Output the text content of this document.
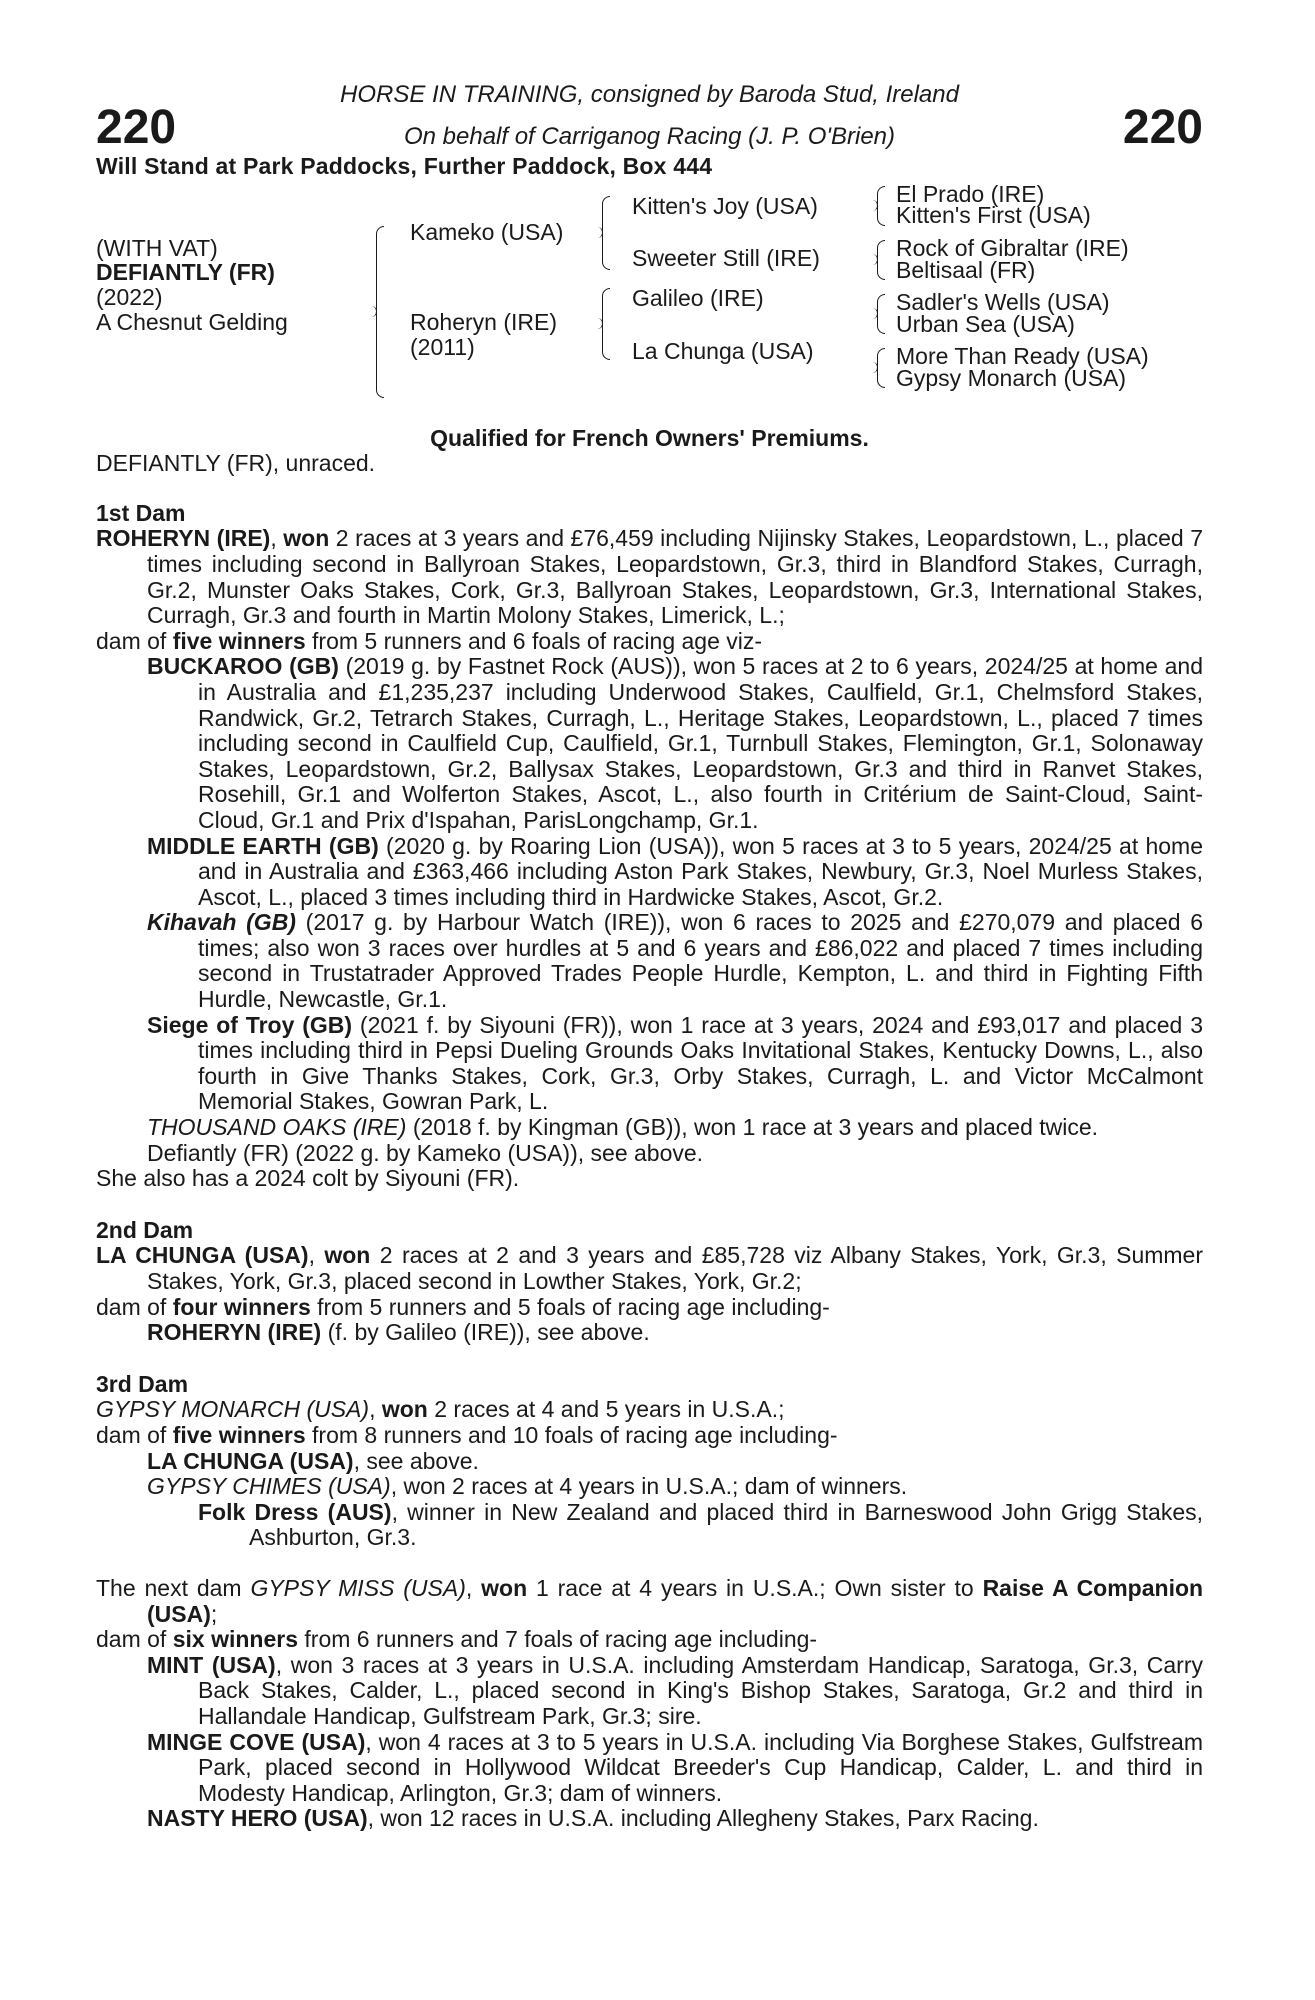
220
HORSE IN TRAINING, consigned by Baroda Stud, Ireland
On behalf of Carriganog Racing (J. P. O'Brien)	220
Will Stand at Park Paddocks, Further Paddock, Box 444
(WITH VAT)
DEFIANTLY (FR)
(2022)
A Chesnut Gelding
Kameko (USA)
Roheryn (IRE)
(2011)
Kitten's Joy (USA)
Sweeter Still (IRE)
Galileo (IRE)
La Chunga (USA)
El Prado (IRE)
Kitten's First (USA)
Rock of Gibraltar (IRE)
Beltisaal (FR)
Sadler's Wells (USA)
Urban Sea (USA)
More Than Ready (USA)
Gypsy Monarch (USA)
Qualified for French Owners' Premiums.

DEFIANTLY (FR), unraced.

1st Dam

ROHERYN (IRE), won 2 races at 3 years and £76,459 including Nijinsky Stakes, Leopardstown, L., placed 7 times including second in Ballyroan Stakes, Leopardstown, Gr.3, third in Blandford Stakes, Curragh, Gr.2, Munster Oaks Stakes, Cork, Gr.3, Ballyroan Stakes, Leopardstown, Gr.3, International Stakes, Curragh, Gr.3 and fourth in Martin Molony Stakes, Limerick, L.;

dam of five winners from 5 runners and 6 foals of racing age viz-

BUCKAROO (GB) (2019 g. by Fastnet Rock (AUS)), won 5 races at 2 to 6 years, 2024/25 at home and in Australia and £1,235,237 including Underwood Stakes, Caulfield, Gr.1, Chelmsford Stakes, Randwick, Gr.2, Tetrarch Stakes, Curragh, L., Heritage Stakes, Leopardstown, L., placed 7 times including second in Caulfield Cup, Caulfield, Gr.1, Turnbull Stakes, Flemington, Gr.1, Solonaway Stakes, Leopardstown, Gr.2, Ballysax Stakes, Leopardstown, Gr.3 and third in Ranvet Stakes, Rosehill, Gr.1 and Wolferton Stakes, Ascot, L., also fourth in Critérium de Saint-Cloud, Saint-Cloud, Gr.1 and Prix d'Ispahan, ParisLongchamp, Gr.1.

MIDDLE EARTH (GB) (2020 g. by Roaring Lion (USA)), won 5 races at 3 to 5 years, 2024/25 at home and in Australia and £363,466 including Aston Park Stakes, Newbury, Gr.3, Noel Murless Stakes, Ascot, L., placed 3 times including third in Hardwicke Stakes, Ascot, Gr.2.

Kihavah (GB) (2017 g. by Harbour Watch (IRE)), won 6 races to 2025 and £270,079 and placed 6 times; also won 3 races over hurdles at 5 and 6 years and £86,022 and placed 7 times including second in Trustatrader Approved Trades People Hurdle, Kempton, L. and third in Fighting Fifth Hurdle, Newcastle, Gr.1.

Siege of Troy (GB) (2021 f. by Siyouni (FR)), won 1 race at 3 years, 2024 and £93,017 and placed 3 times including third in Pepsi Dueling Grounds Oaks Invitational Stakes, Kentucky Downs, L., also fourth in Give Thanks Stakes, Cork, Gr.3, Orby Stakes, Curragh, L. and Victor McCalmont Memorial Stakes, Gowran Park, L.

THOUSAND OAKS (IRE) (2018 f. by Kingman (GB)), won 1 race at 3 years and placed twice.

Defiantly (FR) (2022 g. by Kameko (USA)), see above.

She also has a 2024 colt by Siyouni (FR).

2nd Dam

LA CHUNGA (USA), won 2 races at 2 and 3 years and £85,728 viz Albany Stakes, York, Gr.3, Summer Stakes, York, Gr.3, placed second in Lowther Stakes, York, Gr.2;

dam of four winners from 5 runners and 5 foals of racing age including-

ROHERYN (IRE) (f. by Galileo (IRE)), see above.

3rd Dam

GYPSY MONARCH (USA), won 2 races at 4 and 5 years in U.S.A.;

dam of five winners from 8 runners and 10 foals of racing age including-

LA CHUNGA (USA), see above.

GYPSY CHIMES (USA), won 2 races at 4 years in U.S.A.; dam of winners.

Folk Dress (AUS), winner in New Zealand and placed third in Barneswood John Grigg Stakes, Ashburton, Gr.3.

The next dam GYPSY MISS (USA), won 1 race at 4 years in U.S.A.; Own sister to Raise A Companion (USA);

dam of six winners from 6 runners and 7 foals of racing age including-

MINT (USA), won 3 races at 3 years in U.S.A. including Amsterdam Handicap, Saratoga, Gr.3, Carry Back Stakes, Calder, L., placed second in King's Bishop Stakes, Saratoga, Gr.2 and third in Hallandale Handicap, Gulfstream Park, Gr.3; sire.

MINGE COVE (USA), won 4 races at 3 to 5 years in U.S.A. including Via Borghese Stakes, Gulfstream Park, placed second in Hollywood Wildcat Breeder's Cup Handicap, Calder, L. and third in Modesty Handicap, Arlington, Gr.3; dam of winners.

NASTY HERO (USA), won 12 races in U.S.A. including Allegheny Stakes, Parx Racing.
